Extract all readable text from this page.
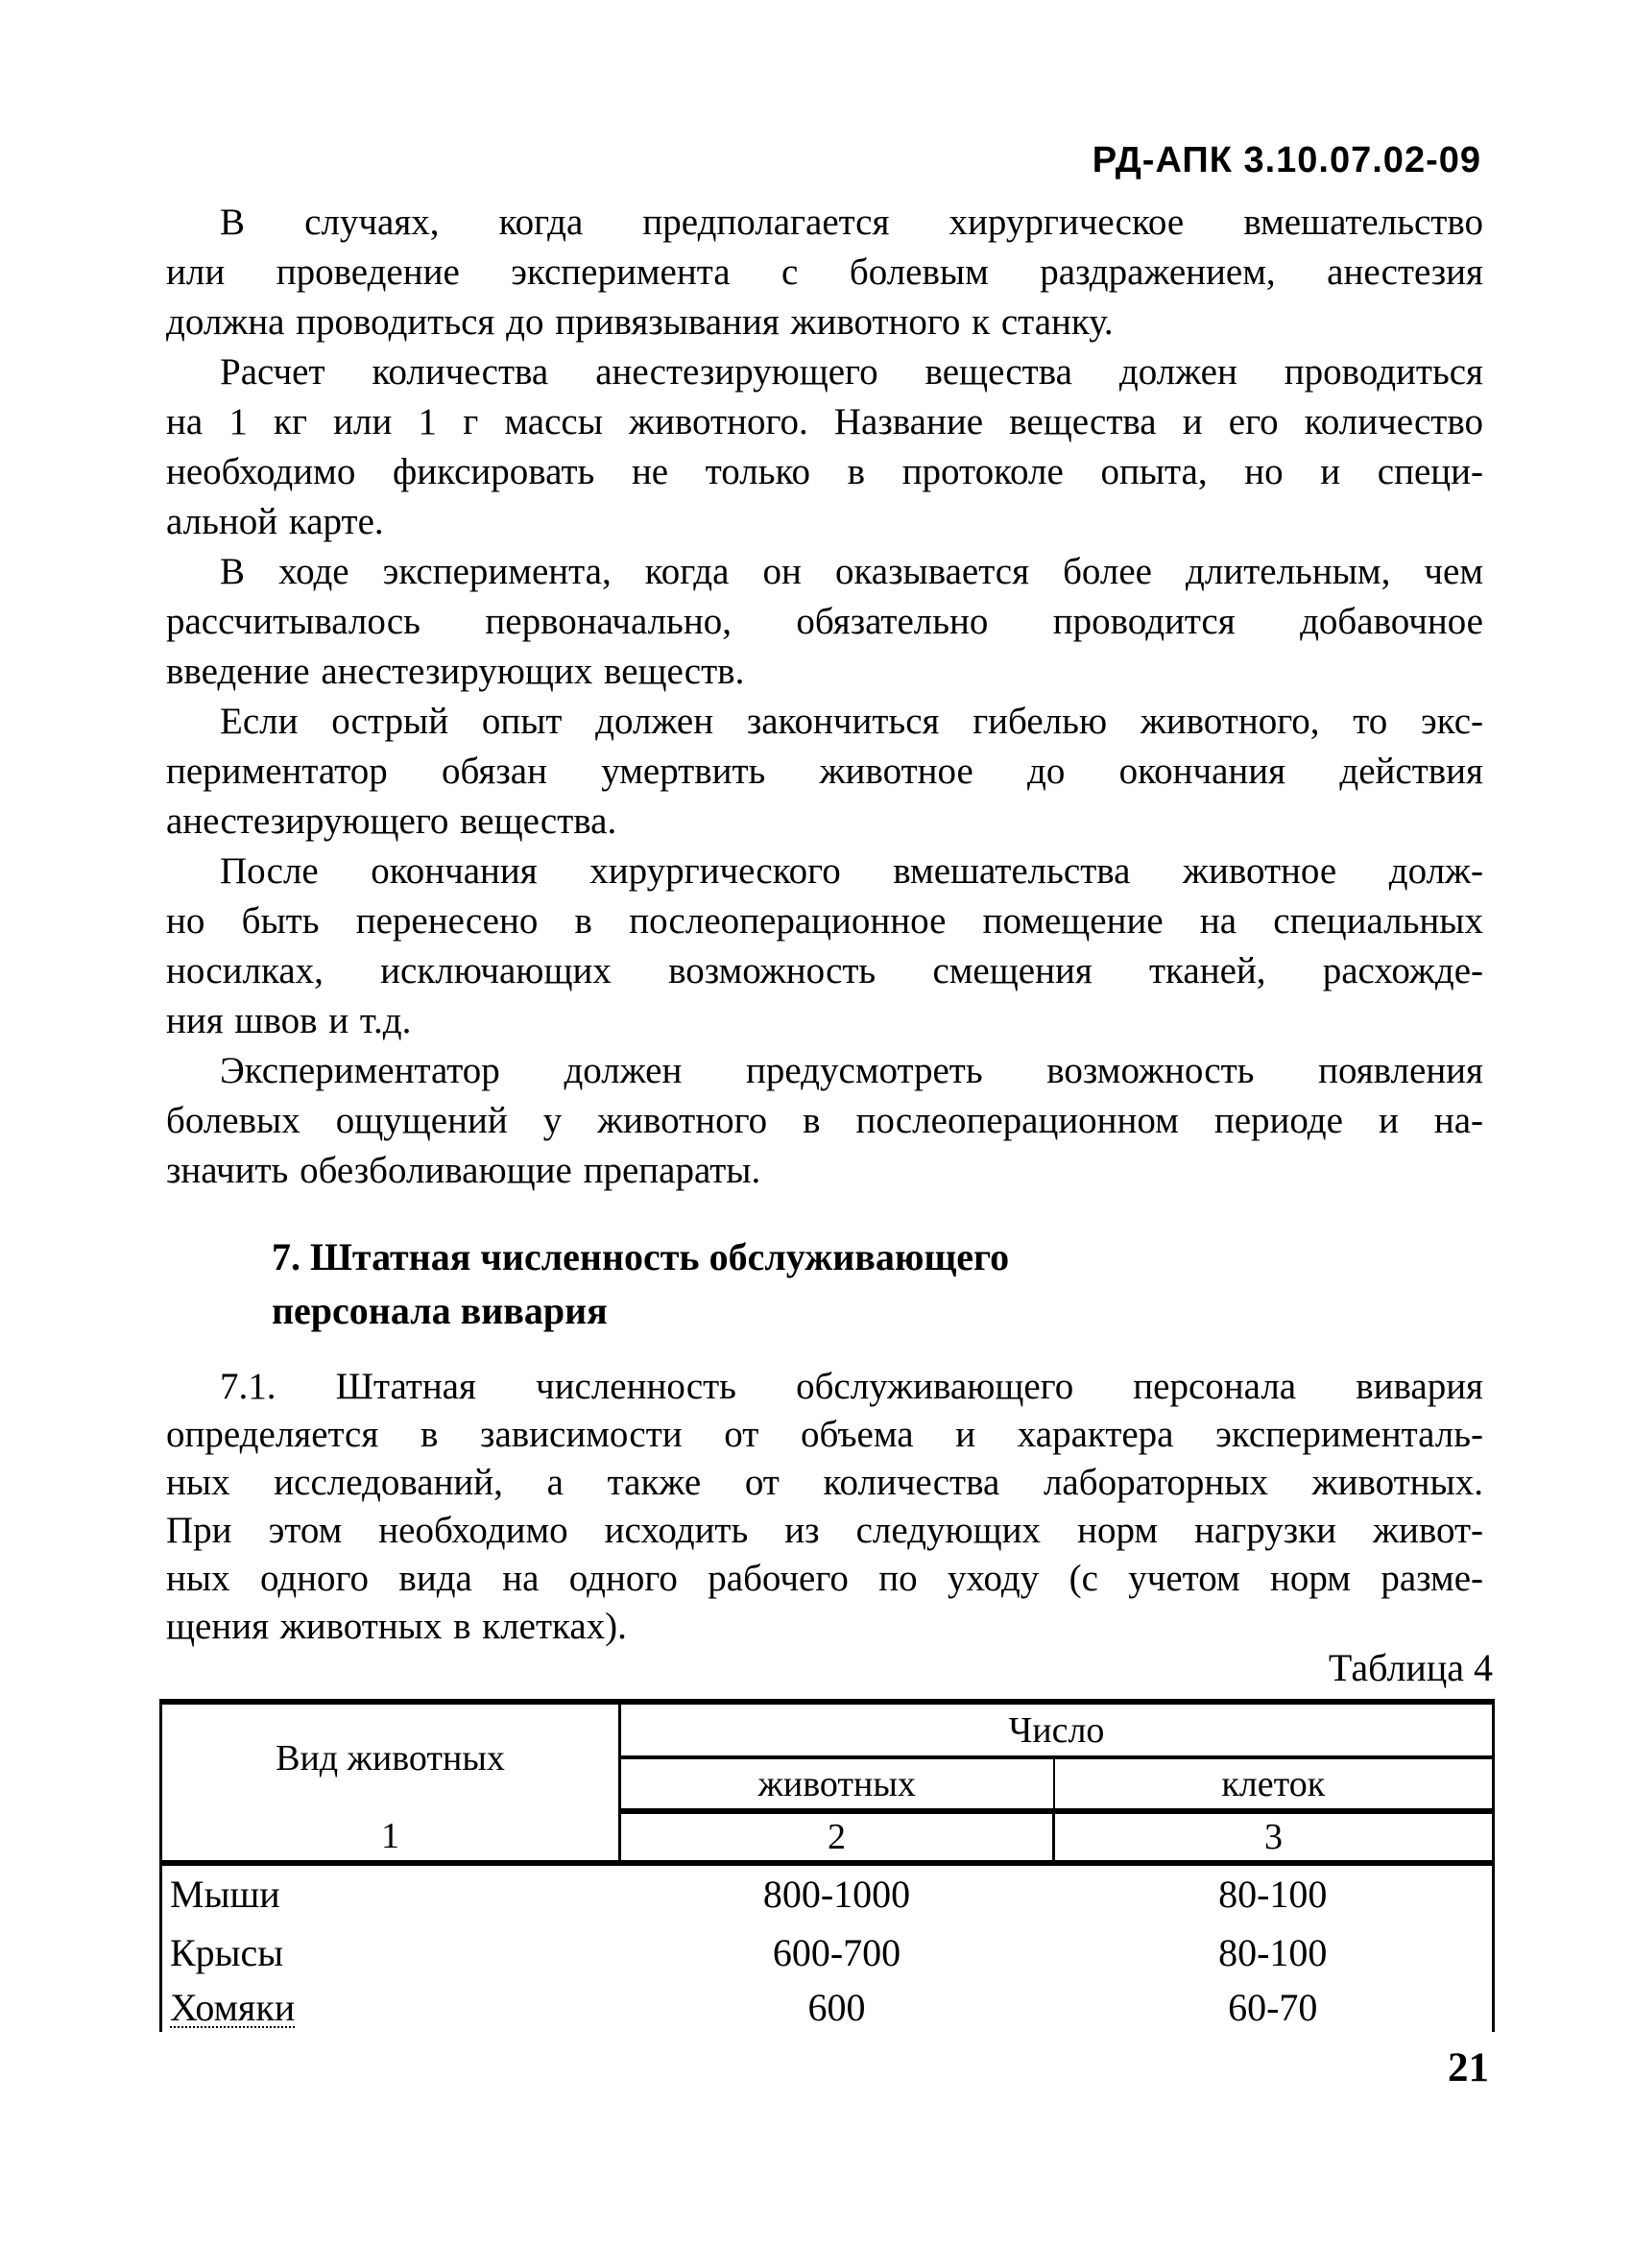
РД-АПК 3.10.07.02-09
В случаях, когда предполагается хирургическое вмешательство
или проведение эксперимента с болевым раздражением, анестезия
должна проводиться до привязывания животного к станку.
Расчет количества анестезирующего вещества должен проводиться
на 1 кг или 1 г массы животного. Название вещества и его количество
необходимо фиксировать не только в протоколе опыта, но и специ-
альной карте.
В ходе эксперимента, когда он оказывается более длительным, чем
рассчитывалось первоначально, обязательно проводится добавочное
введение анестезирующих веществ.
Если острый опыт должен закончиться гибелью животного, то экс-
периментатор обязан умертвить животное до окончания действия
анестезирующего вещества.
После окончания хирургического вмешательства животное долж-
но быть перенесено в послеоперационное помещение на специальных
носилках, исключающих возможность смещения тканей, расхожде-
ния швов и т.д.
Экспериментатор должен предусмотреть возможность появления
болевых ощущений у животного в послеоперационном периоде и на-
значить обезболивающие препараты.
7. Штатная численность обслуживающего
персонала вивария
7.1. Штатная численность обслуживающего персонала вивария
определяется в зависимости от объема и характера эксперименталь-
ных исследований, а также от количества лабораторных животных.
При этом необходимо исходить из следующих норм нагрузки живот-
ных одного вида на одного рабочего по уходу (с учетом норм разме-
щения животных в клетках).
Таблица 4
Вид животных	Число	
	животных	клеток
1	2	3
Мыши	800-1000	80-100
Крысы	600-700	80-100
Хомяки	600	60-70
21
